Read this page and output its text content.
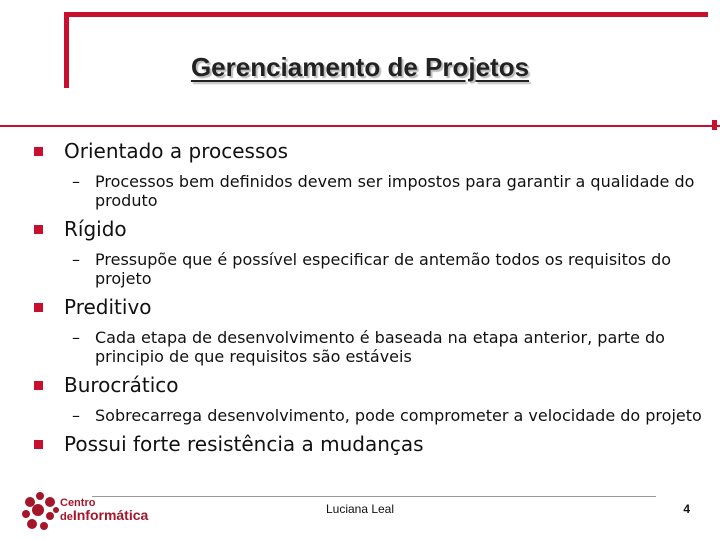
Gerenciamento de Projetos
Orientado a processos
– Processos bem definidos devem ser impostos para garantir a qualidade do produto
Rígido
– Pressupõe que é possível especificar de antemão todos os requisitos do projeto
Preditivo
– Cada etapa de desenvolvimento é baseada na etapa anterior, parte do principio de que requisitos são estáveis
Burocrático
– Sobrecarrega desenvolvimento, pode comprometer a velocidade do projeto
Possui forte resistência a mudanças
Centro
deInformática	Luciana Leal	4
